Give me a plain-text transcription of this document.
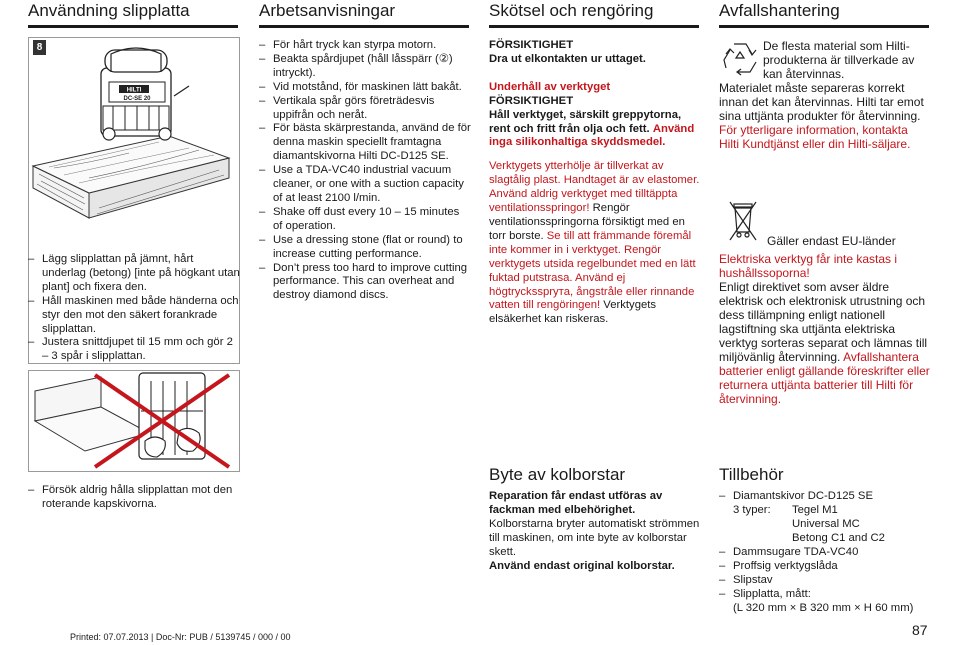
Användning slipplatta	Arbetsanvisningar	Skötsel och rengöring	Avfallshantering
8
HILTI
DC-SE 20

– Lägg slipplattan på jämnt, hårt underlag (betong) [inte på högkant utan plant] och fixera den.

– Håll maskinen med både händerna och styr den mot den säkert forankrade slipplattan.

– Justera snittdjupet til 15 mm och gör 2 – 3 spår i slipplattan.

– Försök aldrig hålla slipplattan mot den roterande kapskivorna.

– För hårt tryck kan styrpa motorn.

– Beakta spårdjupet (håll låsspärr (②) intryckt).

– Vid motstånd, för maskinen lätt bakåt.

– Vertikala spår görs företrädesvis uppifrån och neråt.

– För bästa skärprestanda, använd de för denna maskin speciellt framtagna diamantskivorna Hilti DC-D125 SE.

– Use a TDA-VC40 industrial vacuum cleaner, or one with a suction capacity of at least 2100 l/min.

– Shake off dust every 10 – 15 minutes of operation.

– Use a dressing stone (flat or round) to increase cutting performance.

– Don’t press too hard to improve cutting performance. This can overheat and destroy diamond discs.

FÖRSIKTIGHET
Dra ut elkontakten ur uttaget.
Underhåll av verktyget
FÖRSIKTIGHET
Håll verktyget, särskilt greppytorna, rent och fritt från olja och fett. Använd inga silikonhaltiga skyddsmedel.
Verktygets ytterhölje är tillverkat av slagtålig plast. Handtaget är av elastomer.
Använd aldrig verktyget med tilltäppta ventilationsspringor! Rengör ventilationsspringorna försiktigt med en torr borste. Se till att främmande föremål inte kommer in i verktyget. Rengör verktygets utsida regelbundet med en lätt fuktad putstrasa. Använd ej högtryckssprута, ångstråle eller rinnande vatten till rengöringen! Verktygets elsäkerhet kan riskeras.
Byte av kolborstar
Reparation får endast utföras av fackman med elbehörighet.
Kolborstarna bryter automatiskt strömmen till maskinen, om inte byte av kolborstar skett.
Använd endast original kolborstar.
De flesta material som Hilti-produkterna är tillverkade av kan återvinnas.
Materialet måste separeras korrekt innan det kan återvinnas. Hilti tar emot sina uttjänta produkter för återvinning.
För ytterligare information, kontakta Hilti Kundtjänst eller din Hilti-säljare.
Gäller endast EU-länder
Elektriska verktyg får inte kastas i hushållssoporna!
Enligt direktivet som avser äldre elektrisk och elektronisk utrustning och dess tillämpning enligt nationell lagstiftning ska uttjänta elektriska verktyg sorteras separat och lämnas till miljövänlig återvinning. Avfallshantera batterier enligt gällande föreskrifter eller returnera uttjänta batterier till Hilti för återvinning.
Tillbehör

– Diamantskivor DC-D125 SE

3 typer: Tegel M1
Universal MC
Betong C1 and C2

– Dammsugare TDA-VC40

– Proffsig verktygslåda

– Slipstav

– Slipplatta, mått:

(L 320 mm × B 320 mm × H 60 mm)
Printed: 07.07.2013 | Doc-Nr: PUB / 5139745 / 000 / 00	87
